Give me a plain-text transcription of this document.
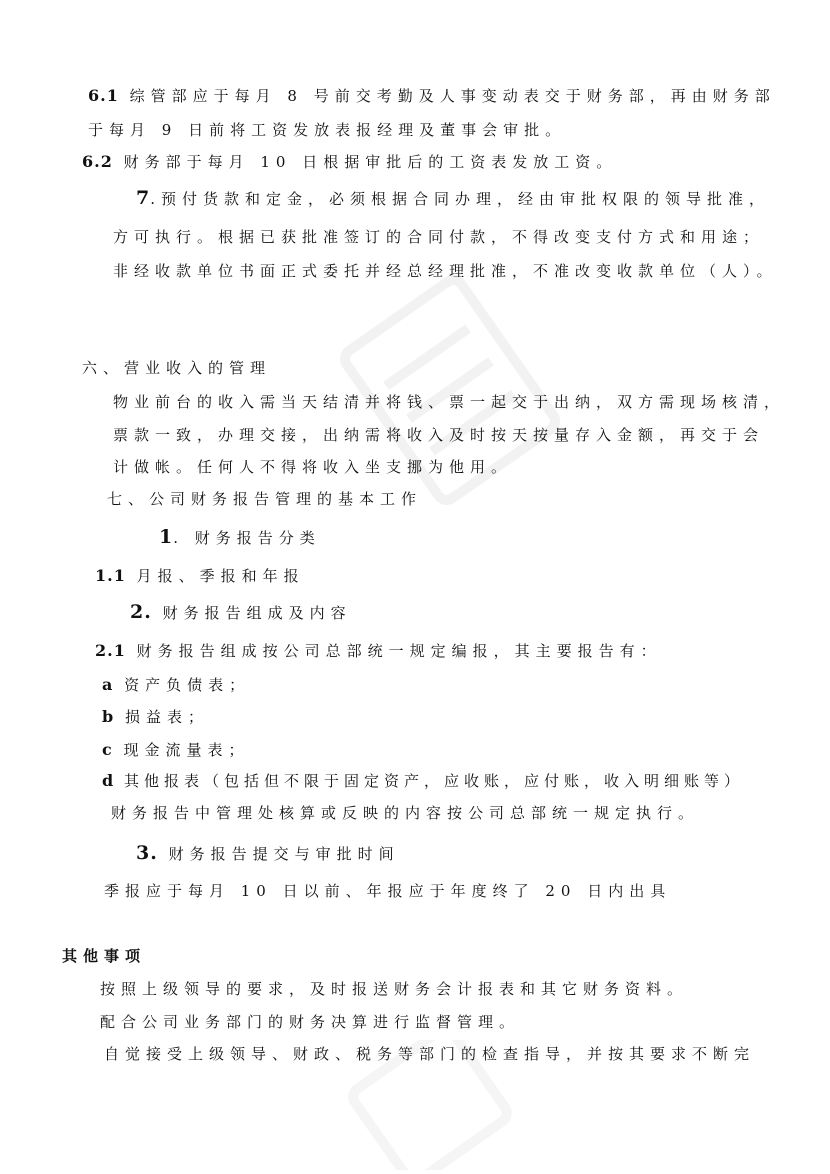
6.1 综管部应于每月 8 号前交考勤及人事变动表交于财务部，再由财务部
于每月 9 日前将工资发放表报经理及董事会审批。
6.2 财务部于每月 10 日根据审批后的工资表发放工资。
7.预付货款和定金，必须根据合同办理，经由审批权限的领导批准，
方可执行。根据已获批准签订的合同付款，不得改变支付方式和用途；
非经收款单位书面正式委托并经总经理批准，不准改变收款单位（人）。
六、营业收入的管理
物业前台的收入需当天结清并将钱、票一起交于出纳，双方需现场核清，
票款一致，办理交接，出纳需将收入及时按天按量存入金额，再交于会
计做帐。任何人不得将收入坐支挪为他用。
七、公司财务报告管理的基本工作
1. 财务报告分类
1.1 月报、季报和年报
2. 财务报告组成及内容
2.1 财务报告组成按公司总部统一规定编报，其主要报告有：
a 资产负债表；
b 损益表；
c 现金流量表；
d 其他报表（包括但不限于固定资产，应收账，应付账，收入明细账等）
财务报告中管理处核算或反映的内容按公司总部统一规定执行。
3. 财务报告提交与审批时间
季报应于每月 10 日以前、年报应于年度终了 20 日内出具
其他事项
按照上级领导的要求，及时报送财务会计报表和其它财务资料。
配合公司业务部门的财务决算进行监督管理。
自觉接受上级领导、财政、税务等部门的检查指导，并按其要求不断完
